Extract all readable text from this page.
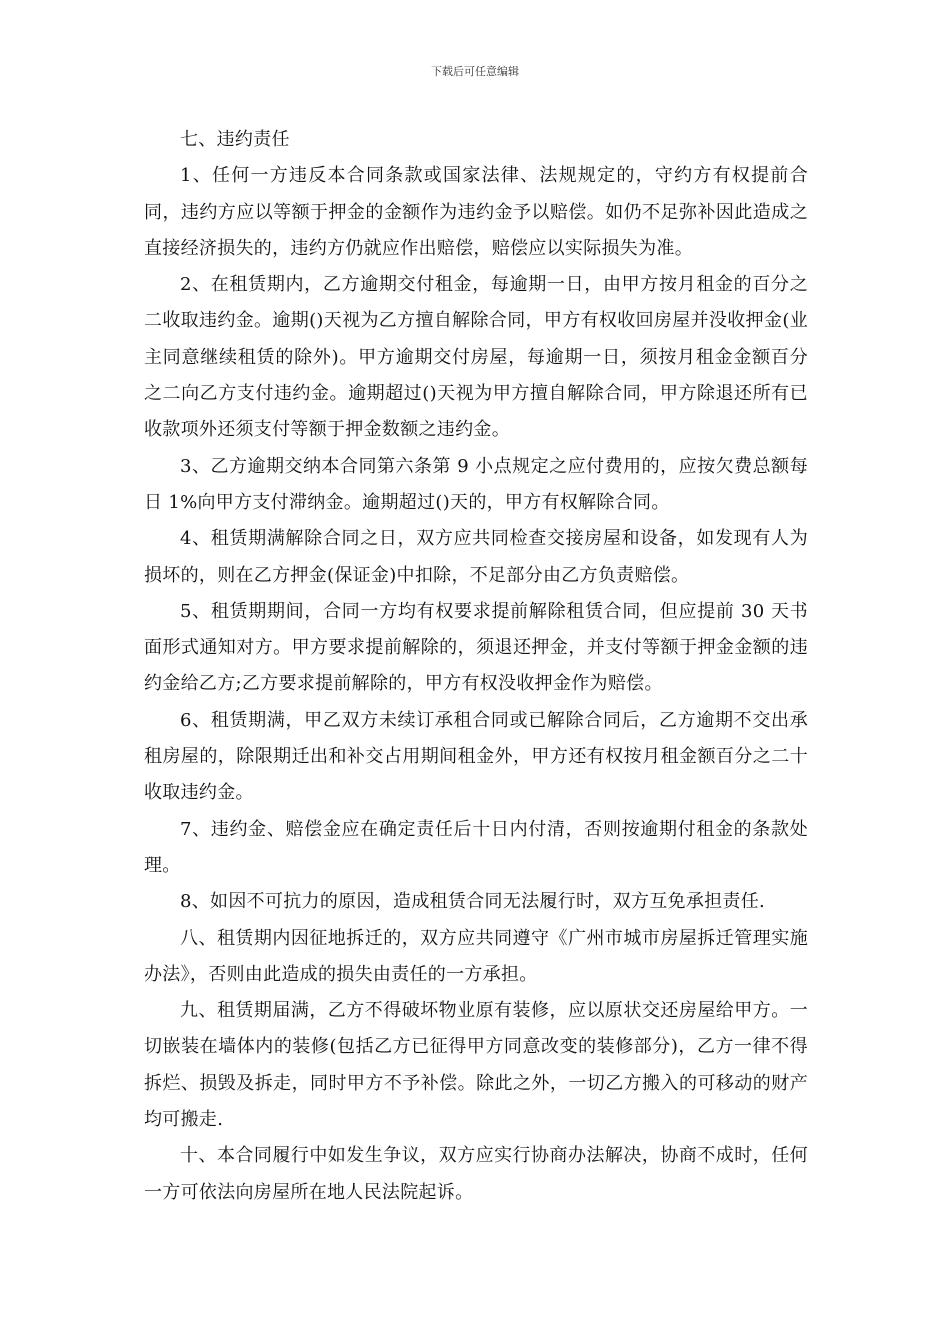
下载后可任意编辑

七、违约责任

1、任何一方违反本合同条款或国家法律、法规规定的，守约方有权提前合同，违约方应以等额于押金的金额作为违约金予以赔偿。如仍不足弥补因此造成之直接经济损失的，违约方仍就应作出赔偿，赔偿应以实际损失为准。

2、在租赁期内，乙方逾期交付租金，每逾期一日，由甲方按月租金的百分之二收取违约金。逾期()天视为乙方擅自解除合同，甲方有权收回房屋并没收押金(业主同意继续租赁的除外)。甲方逾期交付房屋，每逾期一日，须按月租金金额百分之二向乙方支付违约金。逾期超过()天视为甲方擅自解除合同，甲方除退还所有已收款项外还须支付等额于押金数额之违约金。

3、乙方逾期交纳本合同第六条第 9 小点规定之应付费用的，应按欠费总额每日 1%向甲方支付滞纳金。逾期超过()天的，甲方有权解除合同。

4、租赁期满解除合同之日，双方应共同检查交接房屋和设备，如发现有人为损坏的，则在乙方押金(保证金)中扣除，不足部分由乙方负责赔偿。

5、租赁期期间，合同一方均有权要求提前解除租赁合同，但应提前 30 天书面形式通知对方。甲方要求提前解除的，须退还押金，并支付等额于押金金额的违约金给乙方;乙方要求提前解除的，甲方有权没收押金作为赔偿。

6、租赁期满，甲乙双方未续订承租合同或已解除合同后，乙方逾期不交出承租房屋的，除限期迁出和补交占用期间租金外，甲方还有权按月租金额百分之二十收取违约金。

7、违约金、赔偿金应在确定责任后十日内付清，否则按逾期付租金的条款处理。

8、如因不可抗力的原因，造成租赁合同无法履行时，双方互免承担责任.

八、租赁期内因征地拆迁的，双方应共同遵守《广州市城市房屋拆迁管理实施办法》，否则由此造成的损失由责任的一方承担。

九、租赁期届满，乙方不得破坏物业原有装修，应以原状交还房屋给甲方。一切嵌装在墙体内的装修(包括乙方已征得甲方同意改变的装修部分)，乙方一律不得拆烂、损毁及拆走，同时甲方不予补偿。除此之外，一切乙方搬入的可移动的财产均可搬走.

十、本合同履行中如发生争议，双方应实行协商办法解决，协商不成时，任何一方可依法向房屋所在地人民法院起诉。
